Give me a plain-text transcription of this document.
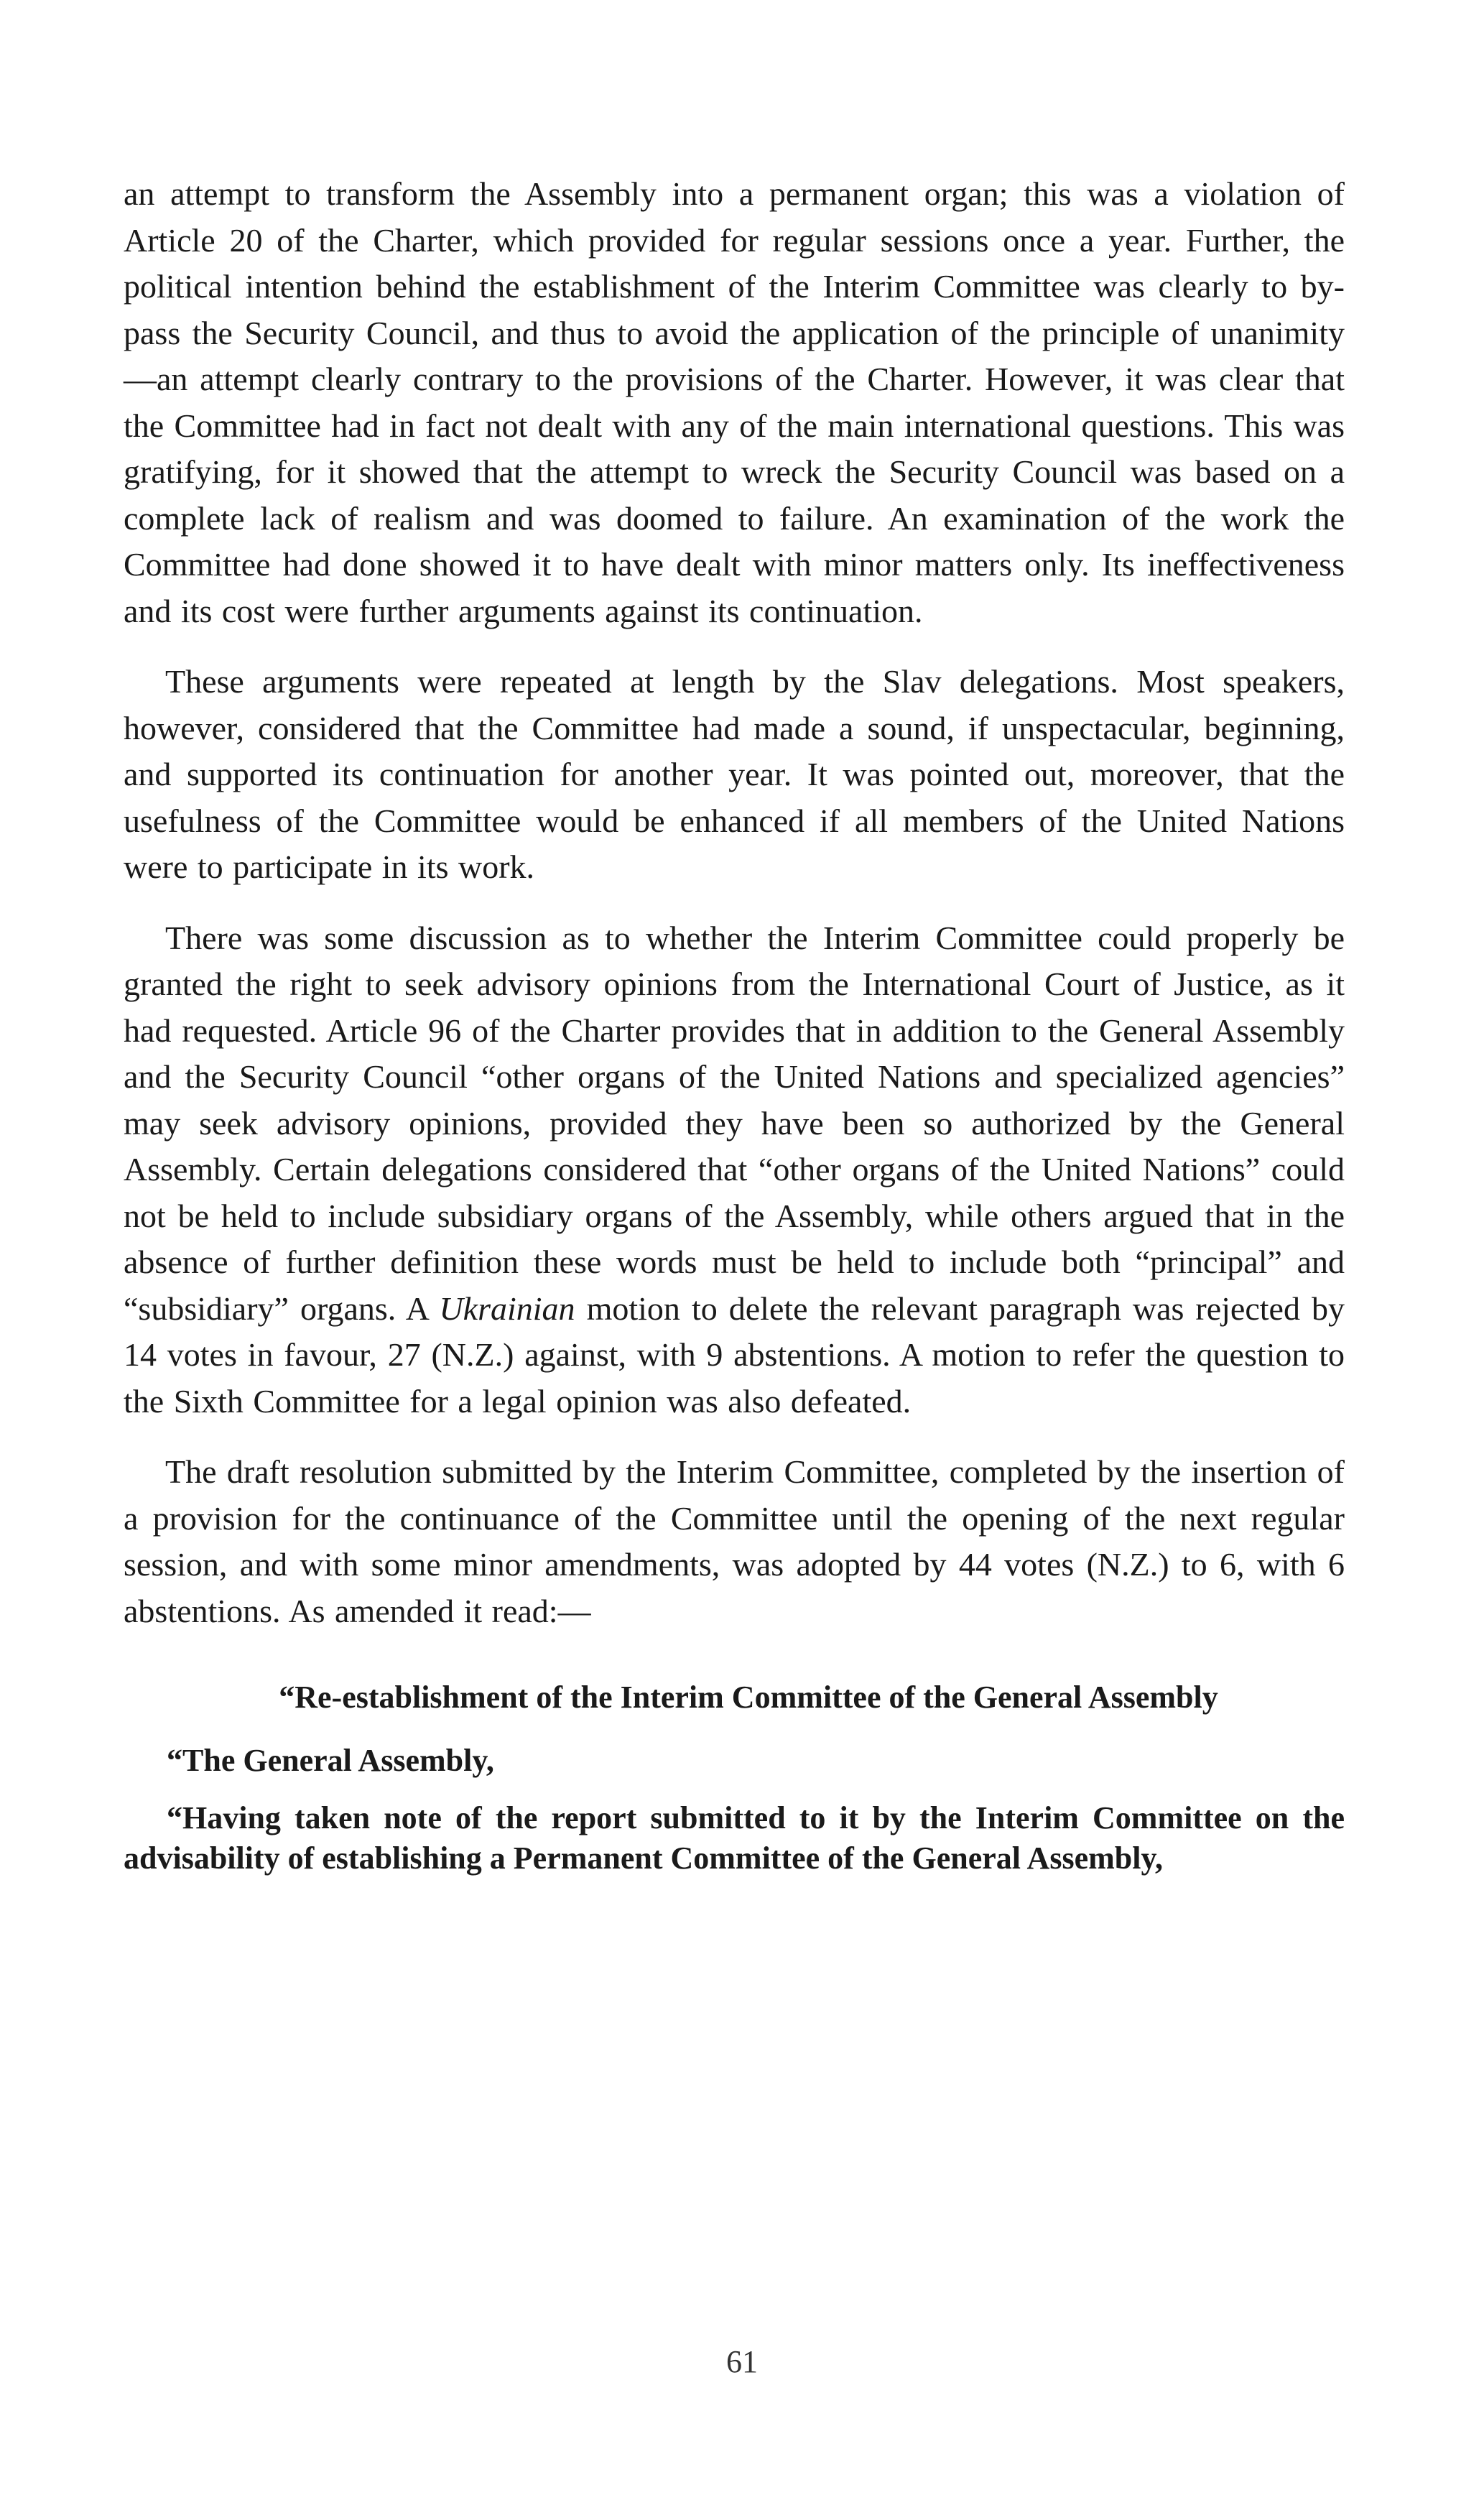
an attempt to transform the Assembly into a permanent organ; this was a violation of Article 20 of the Charter, which provided for regular sessions once a year. Further, the political intention behind the establishment of the Interim Committee was clearly to by-pass the Security Council, and thus to avoid the application of the principle of unanimity—an attempt clearly contrary to the provisions of the Charter. However, it was clear that the Committee had in fact not dealt with any of the main international questions. This was gratifying, for it showed that the attempt to wreck the Security Council was based on a complete lack of realism and was doomed to failure. An examination of the work the Committee had done showed it to have dealt with minor matters only. Its ineffectiveness and its cost were further arguments against its continuation.

These arguments were repeated at length by the Slav delegations. Most speakers, however, considered that the Committee had made a sound, if unspectacular, beginning, and supported its continuation for another year. It was pointed out, moreover, that the usefulness of the Committee would be enhanced if all members of the United Nations were to participate in its work.

There was some discussion as to whether the Interim Committee could properly be granted the right to seek advisory opinions from the International Court of Justice, as it had requested. Article 96 of the Charter provides that in addition to the General Assembly and the Security Council “other organs of the United Nations and specialized agencies” may seek advisory opinions, provided they have been so authorized by the General Assembly. Certain delegations considered that “other organs of the United Nations” could not be held to include subsidiary organs of the Assembly, while others argued that in the absence of further definition these words must be held to include both “principal” and “subsidiary” organs. A Ukrainian motion to delete the relevant paragraph was rejected by 14 votes in favour, 27 (N.Z.) against, with 9 abstentions. A motion to refer the question to the Sixth Committee for a legal opinion was also defeated.

The draft resolution submitted by the Interim Committee, completed by the insertion of a provision for the continuance of the Committee until the opening of the next regular session, and with some minor amendments, was adopted by 44 votes (N.Z.) to 6, with 6 abstentions. As amended it read:—

“Re-establishment of the Interim Committee of the General Assembly

“The General Assembly,

“Having taken note of the report submitted to it by the Interim Committee on the advisability of establishing a Permanent Committee of the General Assembly,

61
